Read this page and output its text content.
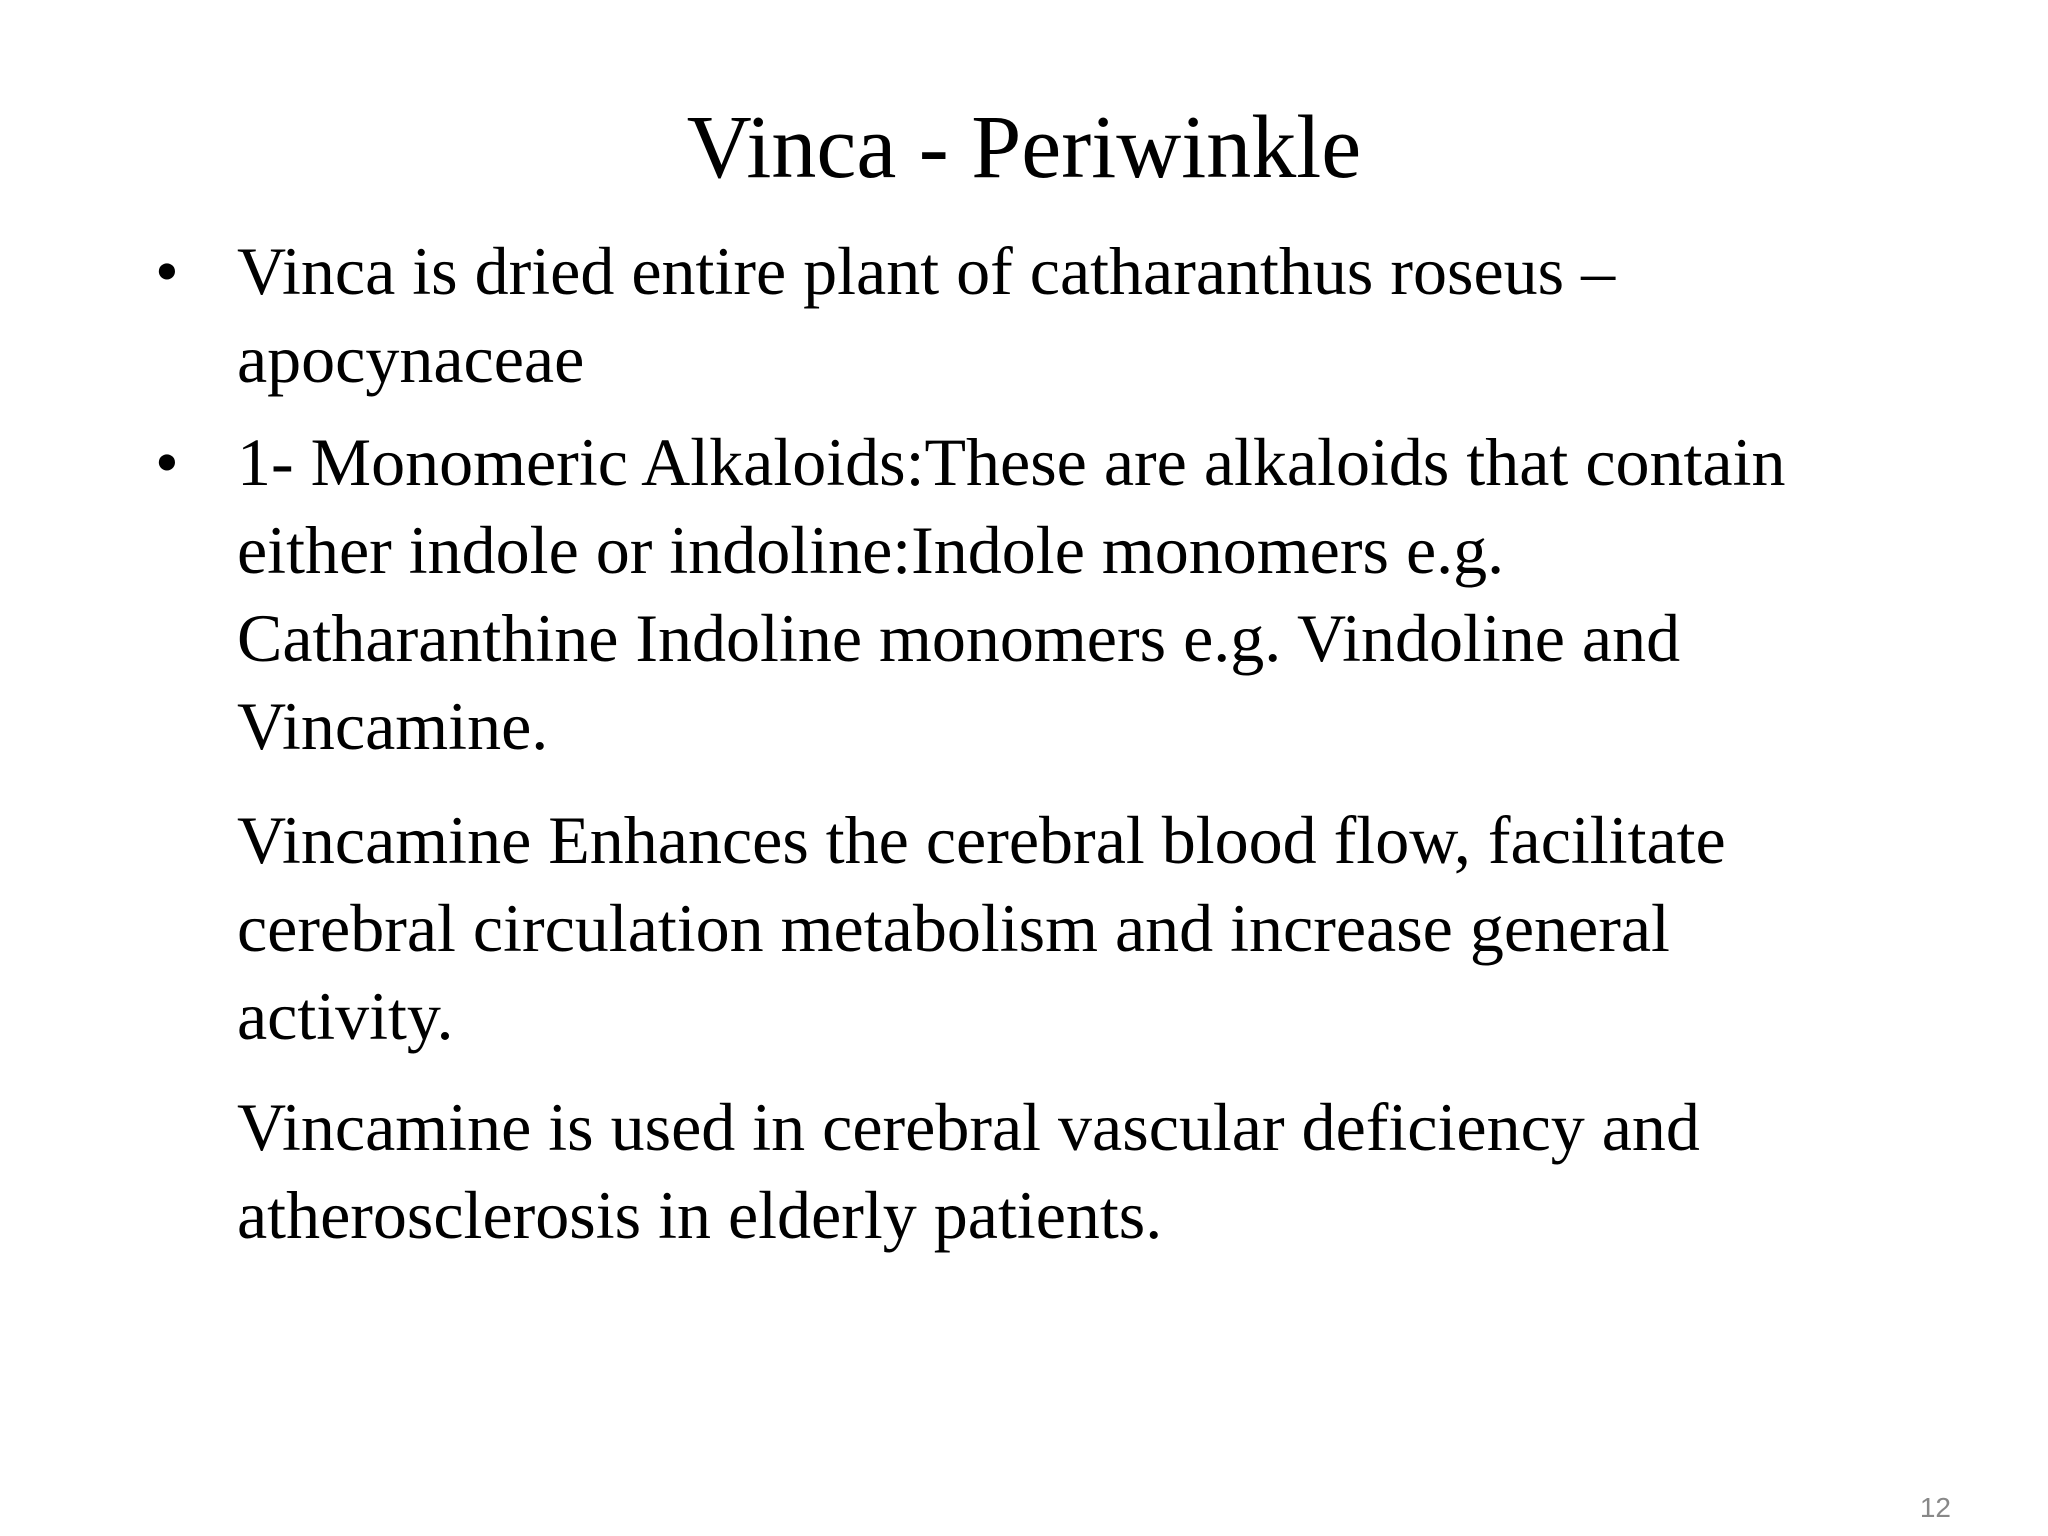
Vinca - Periwinkle
• Vinca is dried entire plant of catharanthus roseus –
apocynaceae
• 1- Monomeric Alkaloids:These are alkaloids that contain
either indole or indoline:Indole monomers e.g.
Catharanthine Indoline monomers e.g. Vindoline and
Vincamine.
Vincamine Enhances the cerebral blood flow, facilitate
cerebral circulation metabolism and increase general
activity.
Vincamine is used in cerebral vascular deficiency and
atherosclerosis in elderly patients.
12
